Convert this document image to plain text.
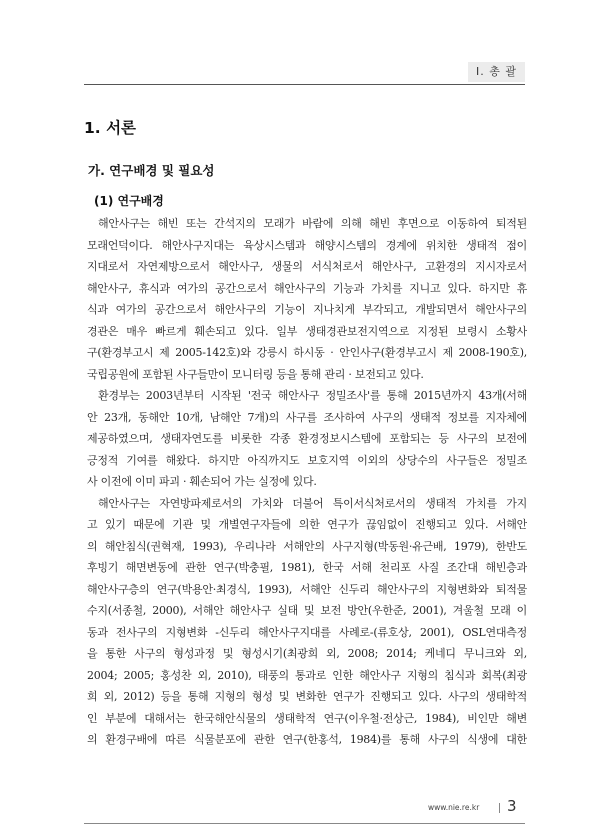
Ⅰ. 총 괄
1. 서론
가. 연구배경 및 필요성
(1) 연구배경
해안사구는 해빈 또는 간석지의 모래가 바람에 의해 해빈 후면으로 이동하여 퇴적된
모래언덕이다. 해안사구지대는 육상시스템과 해양시스템의 경계에 위치한 생태적 점이
지대로서 자연제방으로서 해안사구, 생물의 서식처로서 해안사구, 고환경의 지시자로서
해안사구, 휴식과 여가의 공간으로서 해안사구의 기능과 가치를 지니고 있다. 하지만 휴
식과 여가의 공간으로서 해안사구의 기능이 지나치게 부각되고, 개발되면서 해안사구의
경관은 매우 빠르게 훼손되고 있다. 일부 생태경관보전지역으로 지정된 보령시 소황사
구(환경부고시 제 2005-142호)와 강릉시 하시동 · 안인사구(환경부고시 제 2008-190호),
국립공원에 포함된 사구들만이 모니터링 등을 통해 관리 · 보전되고 있다.
환경부는 2003년부터 시작된 '전국 해안사구 정밀조사'를 통해 2015년까지 43개(서해
안 23개, 동해안 10개, 남해안 7개)의 사구를 조사하여 사구의 생태적 정보를 지자체에
제공하였으며, 생태자연도를 비롯한 각종 환경정보시스템에 포함되는 등 사구의 보전에
긍정적 기여를 해왔다. 하지만 아직까지도 보호지역 이외의 상당수의 사구들은 정밀조
사 이전에 이미 파괴 · 훼손되어 가는 실정에 있다.
해안사구는 자연방파제로서의 가치와 더불어 특이서식처로서의 생태적 가치를 가지
고 있기 때문에 기관 및 개별연구자들에 의한 연구가 끊임없이 진행되고 있다. 서해안
의 해안침식(권혁재, 1993), 우리나라 서해안의 사구지형(박동원·유근배, 1979), 한반도
후빙기 해면변동에 관한 연구(박충필, 1981), 한국 서해 천리포 사질 조간대 해빈층과
해안사구층의 연구(박용안·최경식, 1993), 서해안 신두리 해안사구의 지형변화와 퇴적물
수지(서종철, 2000), 서해안 해안사구 실태 및 보전 방안(우한준, 2001), 겨울철 모래 이
동과 전사구의 지형변화 -신두리 해안사구지대를 사례로-(류호상, 2001), OSL연대측정
을 통한 사구의 형성과정 및 형성시기(최광희 외, 2008; 2014; 케네디 무니크와 외,
2004; 2005; 홍성찬 외, 2010), 태풍의 통과로 인한 해안사구 지형의 침식과 회복(최광
희 외, 2012) 등을 통해 지형의 형성 및 변화한 연구가 진행되고 있다. 사구의 생태학적
인 부분에 대해서는 한국해안식물의 생태학적 연구(이우철·전상근, 1984), 비인만 해변
의 환경구배에 따른 식물분포에 관한 연구(한홍석, 1984)를 통해 사구의 식생에 대한
www.nie.re.kr 3
